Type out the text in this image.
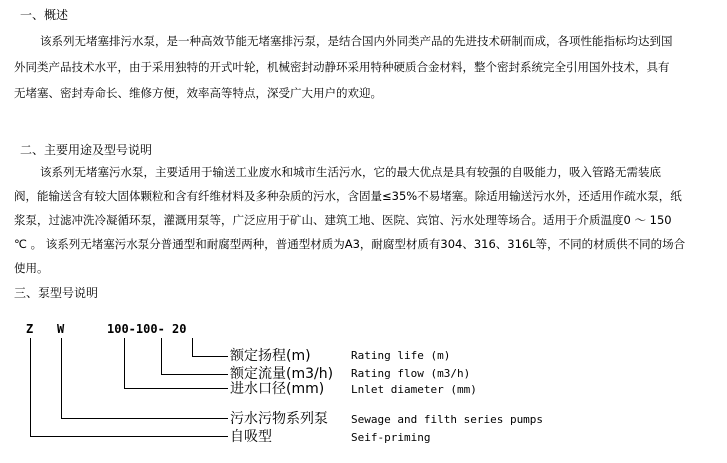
一、概述
该系列无堵塞排污水泵，是一种高效节能无堵塞排污泵，是结合国内外同类产品的先进技术研制而成，各项性能指标均达到国
外同类产品技术水平，由于采用独特的开式叶轮，机械密封动静环采用特种硬质合金材料，整个密封系统完全引用国外技术，具有
无堵塞、密封寿命长、维修方便，效率高等特点，深受广大用户的欢迎。
二、主要用途及型号说明
该系列无堵塞污水泵，主要适用于输送工业废水和城市生活污水，它的最大优点是具有较强的自吸能力，吸入管路无需装底
阀，能输送含有较大固体颗粒和含有纤维材料及多种杂质的污水，含固量≤35%不易堵塞。除适用输送污水外，还适用作疏水泵，纸
浆泵，过滤冲洗冷凝循环泵，灌溉用泵等，广泛应用于矿山、建筑工地、医院、宾馆、污水处理等场合。适用于介质温度0 ～ 150
℃ 。 该系列无堵塞污水泵分普通型和耐腐型两种，普通型材质为A3，耐腐型材质有304、316、316L等，不同的材质供不同的场合
使用。
三、泵型号说明
Z W	100-100- 20
额定扬程(m)	Rating life (m)
额定流量(m3/h) Rating flow (m3/h)
进水口径(mm) Lnlet diameter (mm)
污水污物系列泵 Sewage and filth series pumps
自吸型	Seif-priming
